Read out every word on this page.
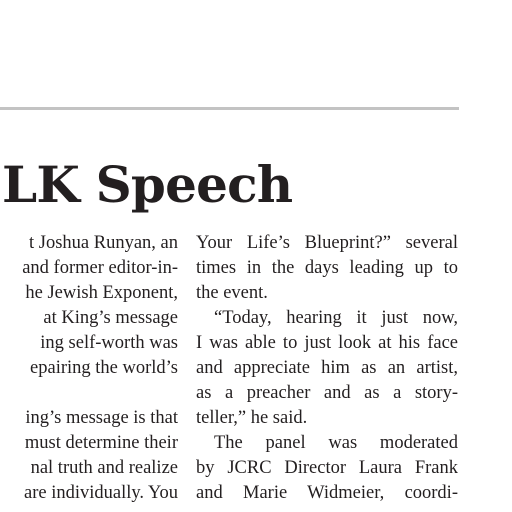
LK Speech
t Joshua Runyan, an
and former editor-in-
he Jewish Exponent,
at King’s message
ing self-worth was
epairing the world’s
ing’s message is that
must determine their
nal truth and realize
are individually. You
Your Life’s Blueprint?” several
times in the days leading up to
the event.
“Today, hearing it just now,
I was able to just look at his face
and appreciate him as an artist,
as a preacher and as a story-
teller,” he said.
The panel was moderated
by JCRC Director Laura Frank
and Marie Widmeier, coordi-
